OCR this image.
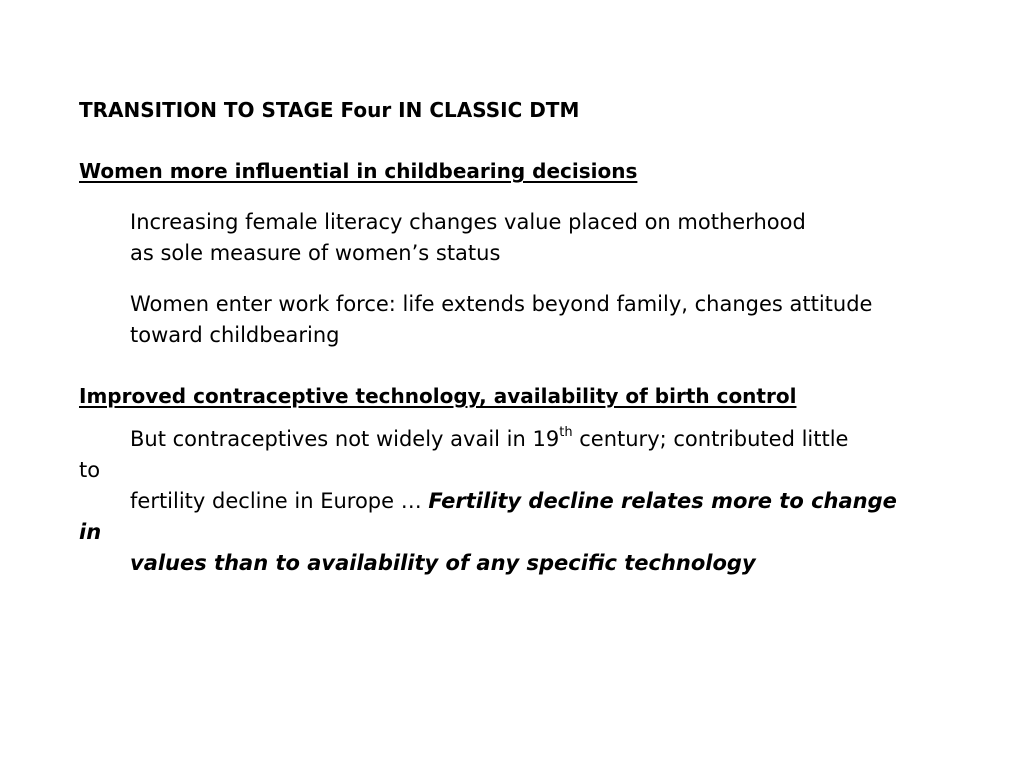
TRANSITION TO STAGE Four IN CLASSIC DTM
Women more influential in childbearing decisions
Increasing female literacy changes value placed on motherhood
as sole measure of women’s status
Women enter work force: life extends beyond family, changes attitude
toward childbearing
Improved contraceptive technology, availability of birth control
But contraceptives not widely avail in 19th century; contributed little
to
fertility decline in Europe … Fertility decline relates more to change
in
values than to availability of any specific technology
